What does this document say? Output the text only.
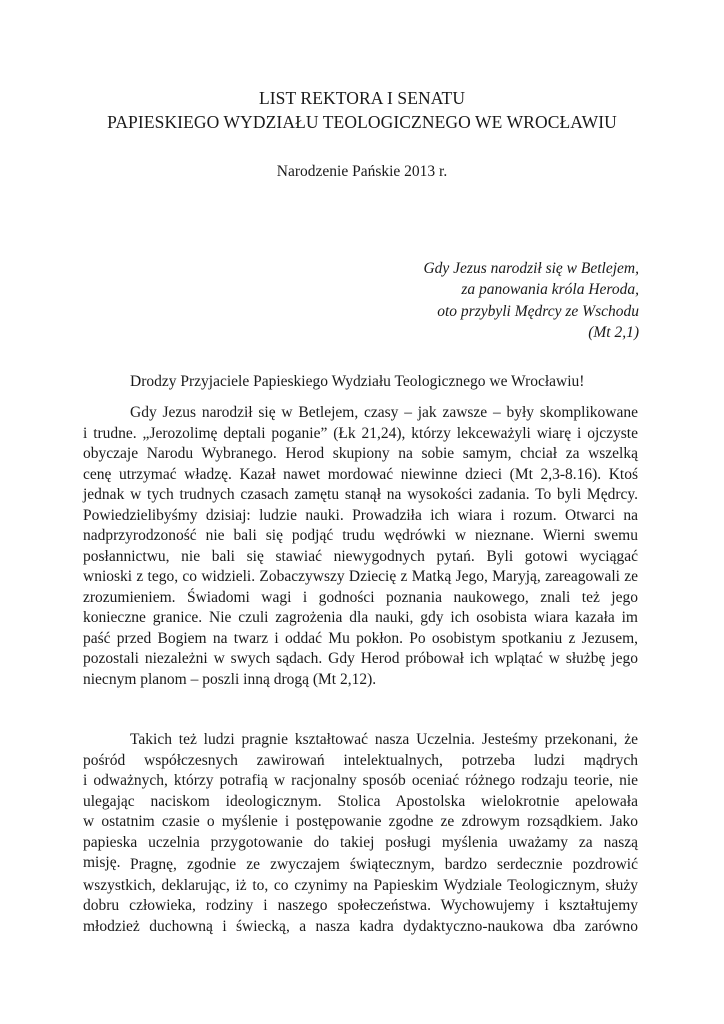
LIST REKTORA I SENATU
PAPIESKIEGO WYDZIAŁU TEOLOGICZNEGO WE WROCŁAWIU
Narodzenie Pańskie 2013 r.
Gdy Jezus narodził się w Betlejem,
za panowania króla Heroda,
oto przybyli Mędrcy ze Wschodu
(Mt 2,1)
Drodzy Przyjaciele Papieskiego Wydziału Teologicznego we Wrocławiu!

Gdy Jezus narodził się w Betlejem, czasy – jak zawsze – były skomplikowane
i trudne. „Jerozolimę deptali poganie” (Łk 21,24), którzy lekceważyli wiarę i ojczyste
obyczaje Narodu Wybranego. Herod skupiony na sobie samym, chciał za wszelką
cenę utrzymać władzę. Kazał nawet mordować niewinne dzieci (Mt 2,3-8.16). Ktoś
jednak w tych trudnych czasach zamętu stanął na wysokości zadania. To byli Mędrcy.
Powiedzielibyśmy dzisiaj: ludzie nauki. Prowadziła ich wiara i rozum. Otwarci na
nadprzyrodzoność nie bali się podjąć trudu wędrówki w nieznane. Wierni swemu
posłannictwu, nie bali się stawiać niewygodnych pytań. Byli gotowi wyciągać
wnioski z tego, co widzieli. Zobaczywszy Dziecię z Matką Jego, Maryją, zareagowali ze
zrozumieniem. Świadomi wagi i godności poznania naukowego, znali też jego
konieczne granice. Nie czuli zagrożenia dla nauki, gdy ich osobista wiara kazała im
paść przed Bogiem na twarz i oddać Mu pokłon. Po osobistym spotkaniu z Jezusem,
pozostali niezależni w swych sądach. Gdy Herod próbował ich wplątać w służbę jego
niecnym planom – poszli inną drogą (Mt 2,12).

Takich też ludzi pragnie kształtować nasza Uczelnia. Jesteśmy przekonani, że
pośród współczesnych zawirowań intelektualnych, potrzeba ludzi mądrych
i odważnych, którzy potrafią w racjonalny sposób oceniać różnego rodzaju teorie, nie
ulegając naciskom ideologicznym. Stolica Apostolska wielokrotnie apelowała
w ostatnim czasie o myślenie i postępowanie zgodne ze zdrowym rozsądkiem. Jako
papieska uczelnia przygotowanie do takiej posługi myślenia uważamy za naszą
misję. Pragnę, zgodnie ze zwyczajem świątecznym, bardzo serdecznie pozdrowić
wszystkich, deklarując, iż to, co czynimy na Papieskim Wydziale Teologicznym, służy
dobru człowieka, rodziny i naszego społeczeństwa. Wychowujemy i kształtujemy
młodzież duchowną i świecką, a nasza kadra dydaktyczno-naukowa dba zarówno
